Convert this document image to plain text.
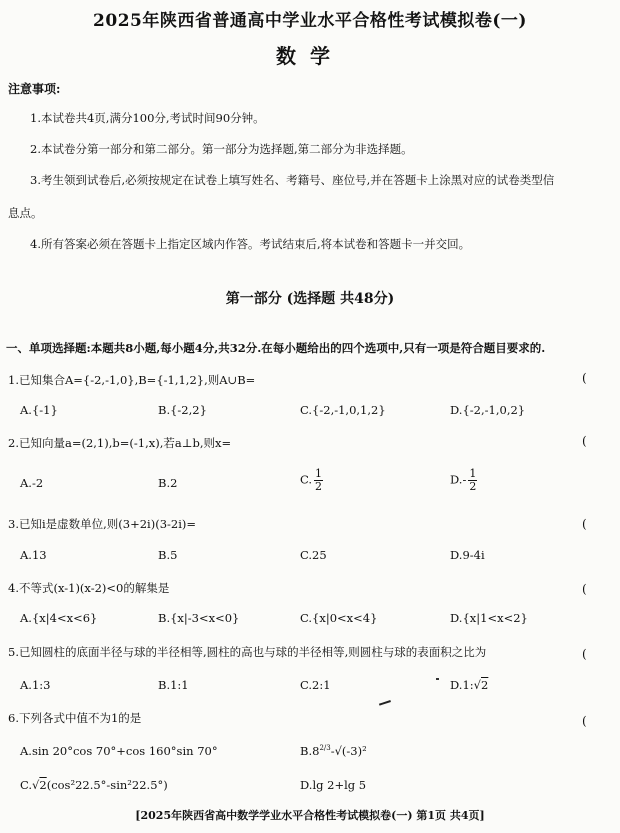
2025年陕西省普通高中学业水平合格性考试模拟卷(一)
数学
注意事项:
1.本试卷共4页,满分100分,考试时间90分钟。
2.本试卷分第一部分和第二部分。第一部分为选择题,第二部分为非选择题。
3.考生领到试卷后,必须按规定在试卷上填写姓名、考籍号、座位号,并在答题卡上涂黑对应的试卷类型信
息点。
4.所有答案必须在答题卡上指定区域内作答。考试结束后,将本试卷和答题卡一并交回。
第一部分 (选择题 共48分)
一、单项选择题:本题共8小题,每小题4分,共32分.在每小题给出的四个选项中,只有一项是符合题目要求的.
1.已知集合A={-2,-1,0},B={-1,1,2},则A∪B=	(
A.{-1}	B.{-2,2}	C.{-2,-1,0,1,2}	D.{-2,-1,0,2}
2.已知向量a=(2,1),b=(-1,x),若a⊥b,则x=	(
A.-2	B.2	C. $\frac{1}{2}$	$D.- \frac{1}{2}$
3.已知i是虚数单位,则(3+2i)(3-2i)=	(
A.13	B.5	C.25	D.9-4i
4.不等式(x-1)(x-2)<0的解集是	(
A.{x|4<x<6}	B.{x|-3<x<0}	C.{x|0<x<4}	D.{x|1<x<2}
5.已知圆柱的底面半径与球的半径相等,圆柱的高也与球的半径相等,则圆柱与球的表面积之比为	(
A.1:3	B.1:1	C.2:1	D.1:√2
6.下列各式中值不为1的是	(
A.sin 20°cos 70°+cos 160°sin 70°	$B.8^{2/3}-√(-3)^2$
C.√2(cos²22.5°-sin²22.5°)	D.lg 2+lg 5
[2025年陕西省高中数学学业水平合格性考试模拟卷(一) 第1页 共4页]
